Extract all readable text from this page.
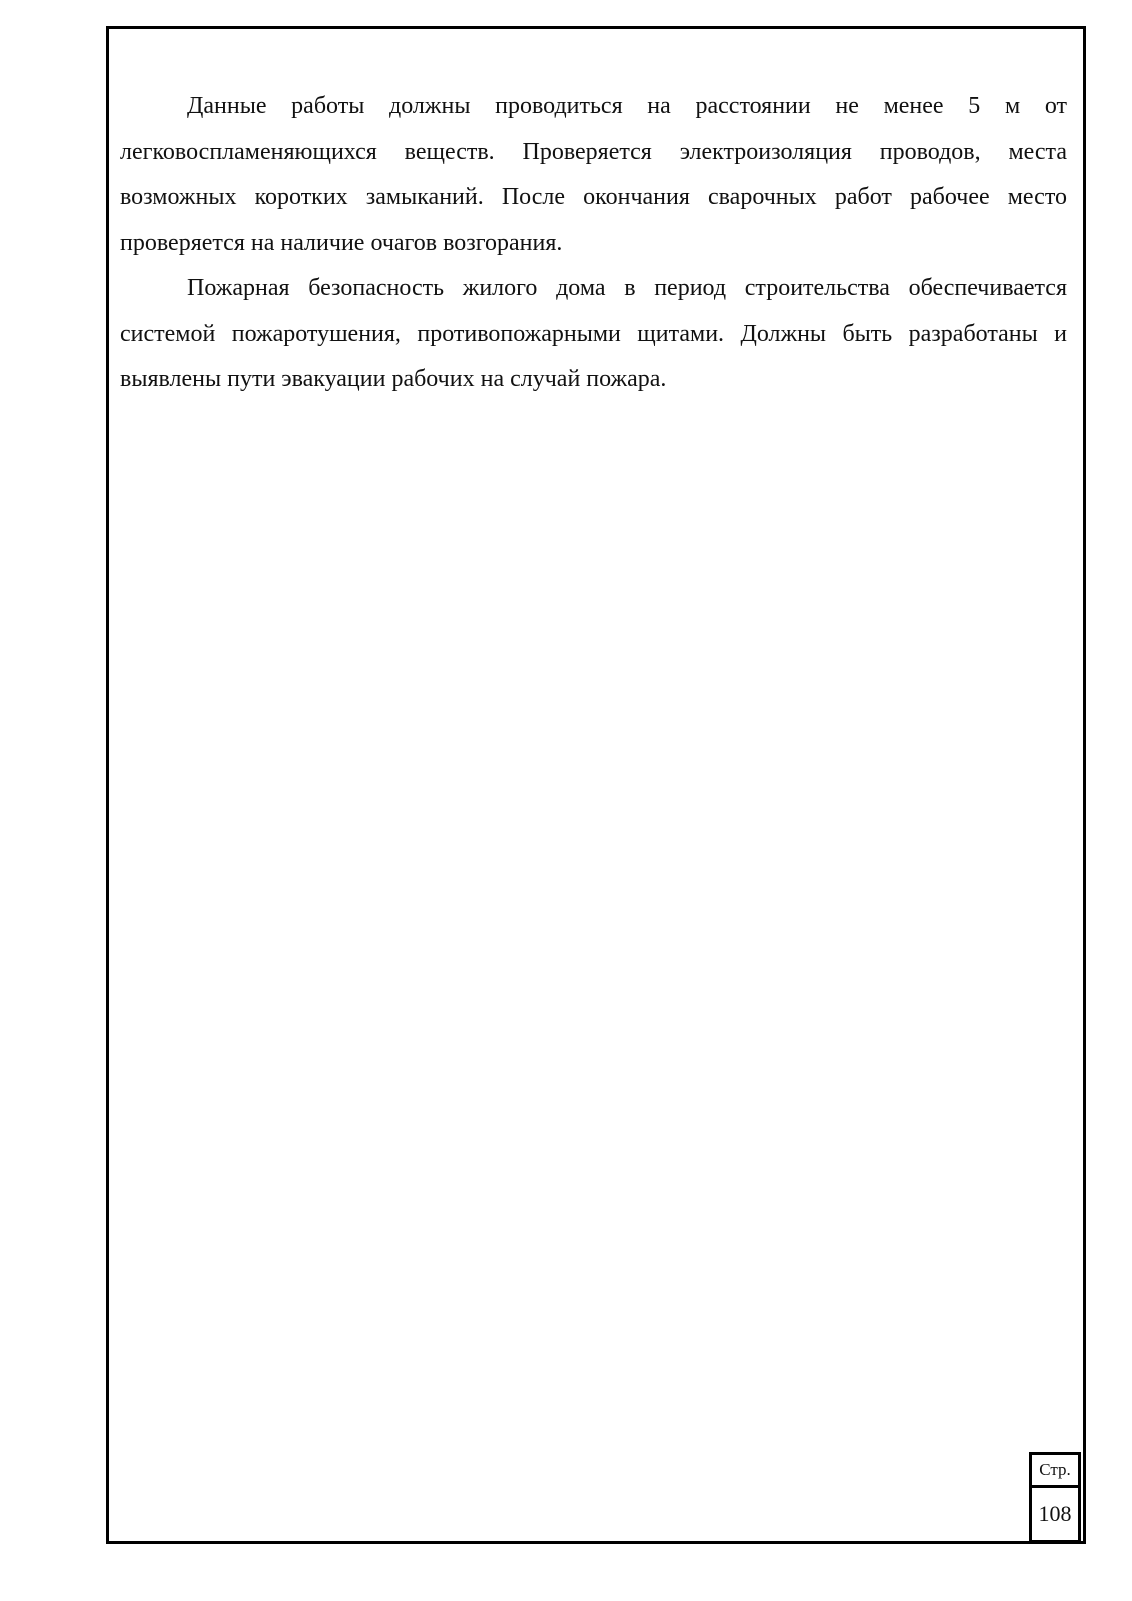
Данные работы должны проводиться на расстоянии не менее 5 м от легковоспламеняющихся веществ. Проверяется электроизоляция проводов, места возможных коротких замыканий. После окончания сварочных работ рабочее место проверяется на наличие очагов возгорания.

Пожарная безопасность жилого дома в период строительства обеспечивается системой пожаротушения, противопожарными щитами. Должны быть разработаны и выявлены пути эвакуации рабочих на случай пожара.

Стр.
108
